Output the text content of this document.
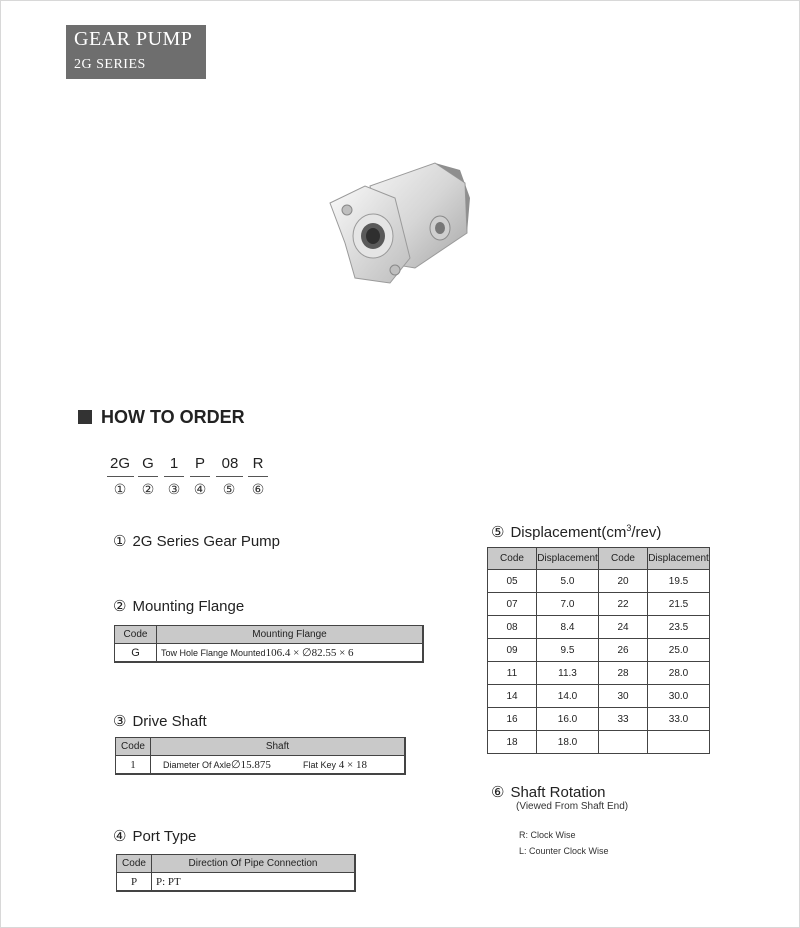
GEAR PUMP
2G SERIES
HOW TO ORDER
2G G	1	P	08 R
① ② ③ ④ ⑤ ⑥
① 2G Series Gear Pump
② Mounting Flange
Code	Mounting Flange
G	Tow Hole Flange Mounted106.4 × ∅82.55 × 6
③ Drive Shaft
Code	Shaft
1	Diameter Of Axle∅15.875 Flat Key 4 × 18
④ Port Type
Code	Direction Of Pipe Connection
P	P: PT
⑤ $Displacement(cm^3/rev)$
Code	Displacement	Code	Displacement
05	5.0	20	19.5
07	7.0	22	21.5
08	8.4	24	23.5
09	9.5	26	25.0
11	11.3	28	28.0
14	14.0	30	30.0
16	16.0	33	33.0
18	18.0		
⑥ Shaft Rotation
(Viewed From Shaft End)
R: Clock Wise
L: Counter Clock Wise
